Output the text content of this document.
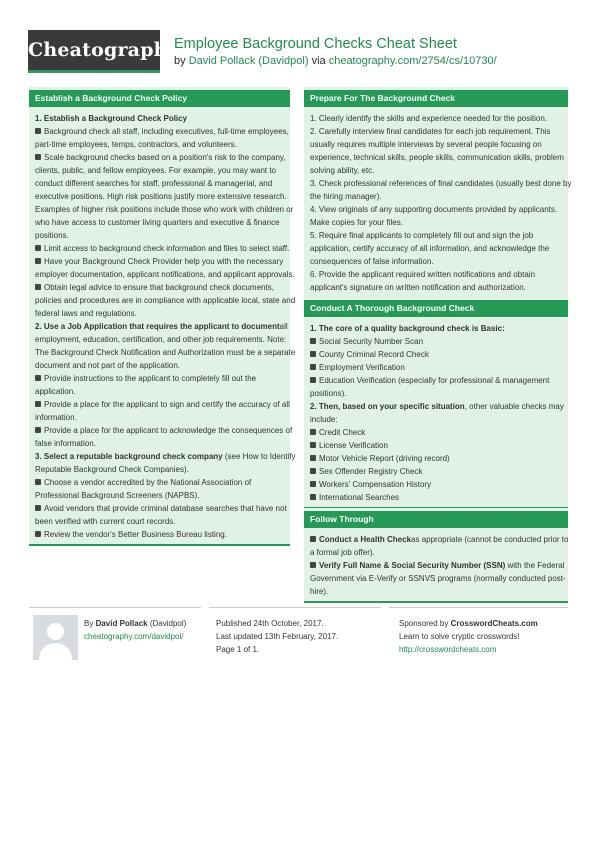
Cheatography
Employee Background Checks Cheat Sheet
by David Pollack (Davidpol) via cheatography.com/2754/cs/10730/
Establish a Background Check Policy
1. Establish a Background Check Policy
Background check all staff, including executives, full-time employees,
part-time employees, temps, contractors, and volunteers.
Scale background checks based on a position's risk to the company,
clients, public, and fellow employees. For example, you may want to
conduct different searches for staff, professional & managerial, and
executive positions. High risk positions justify more extensive research.
Examples of higher risk positions include those who work with children or
who have access to customer living quarters and executive & finance
positions.
Limit access to background check information and files to select staff.
Have your Background Check Provider help you with the necessary
employer documentation, applicant notifications, and applicant approvals.
Obtain legal advice to ensure that background check documents,
policies and procedures are in compliance with applicable local, state and
federal laws and regulations.
2. Use a Job Application that requires the applicant to documentall
employment, education, certification, and other job requirements. Note:
The Background Check Notification and Authorization must be a separate
document and not part of the application.
Provide instructions to the applicant to completely fill out the
application.
Provide a place for the applicant to sign and certify the accuracy of all
information.
Provide a place for the applicant to acknowledge the consequences of
false information.
3. Select a reputable background check company (see How to Identify
Reputable Background Check Companies).
Choose a vendor accredited by the National Association of
Professional Background Screeners (NAPBS).
Avoid vendors that provide criminal database searches that have not
been verified with current court records.
Review the vendor's Better Business Bureau listing.
Prepare For The Background Check
1. Clearly identify the skills and experience needed for the position.
2. Carefully interview final candidates for each job requirement. This
usually requires multiple interviews by several people focusing on
experience, technical skills, people skills, communication skills, problem
solving ability, etc.
3. Check professional references of final candidates (usually best done by
the hiring manager).
4. View originals of any supporting documents provided by applicants.
Make copies for your files.
5. Require final applicants to completely fill out and sign the job
application, certify accuracy of all information, and acknowledge the
consequences of false information.
6. Provide the applicant required written notifications and obtain
applicant's signature on written notification and authorization.
Conduct A Thorough Background Check
1. The core of a quality background check is Basic:
Social Security Number Scan
County Criminal Record Check
Employment Verification
Education Verification (especially for professional & management
positions).
2. Then, based on your specific situation, other valuable checks may
include:
Credit Check
License Verification
Motor Vehicle Report (driving record)
Sex Offender Registry Check
Workers' Compensation History
International Searches
Follow Through
Conduct a Health Checkas appropriate (cannot be conducted prior to
a formal job offer).
Verify Full Name & Social Security Number (SSN) with the Federal
Government via E-Verify or SSNVS programs (normally conducted post-
hire).
By David Pollack (Davidpol)
cheatography.com/davidpol/
Published 24th October, 2017.
Last updated 13th February, 2017.
Page 1 of 1.
Sponsored by CrosswordCheats.com
Learn to solve cryptic crosswords!
http://crosswordcheats.com
